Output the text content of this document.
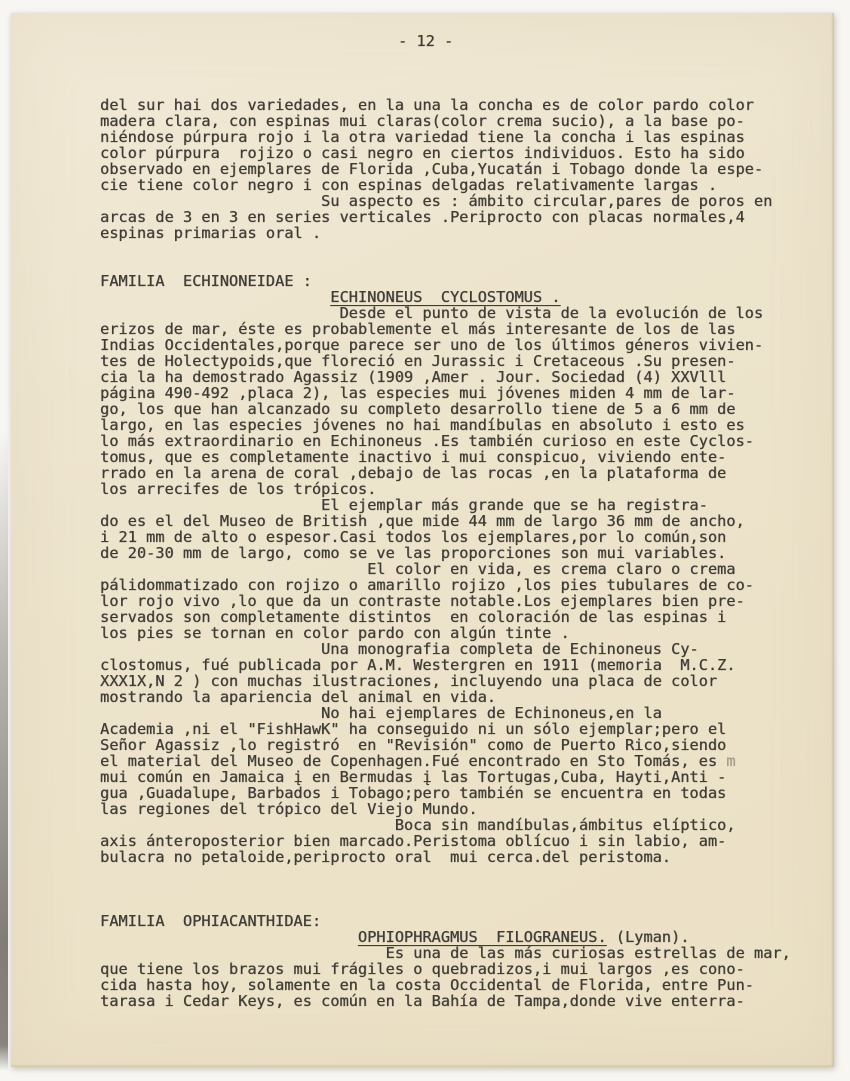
- 12 -
del sur hai dos variedades, en la una la concha es de color pardo color
madera clara, con espinas mui claras(color crema sucio), a la base po-
niéndose púrpura rojo i la otra variedad tiene la concha i las espinas
color púrpura  rojizo o casi negro en ciertos individuos. Esto ha sido
observado en ejemplares de Florida ,Cuba,Yucatán i Tobago donde la espe-
cie tiene color negro i con espinas delgadas relativamente largas .
Su aspecto es : ámbito circular,pares de poros en
arcas de 3 en 3 en series verticales .Periprocto con placas normales,4
espinas primarias oral .
FAMILIA  ECHINONEIDAE :
ECHINONEUS  CYCLOSTOMUS .
Desde el punto de vista de la evolución de los
erizos de mar, éste es probablemente el más interesante de los de las
Indias Occidentales,porque parece ser uno de los últimos géneros vivien-
tes de Holectypoids,que floreció en Jurassic i Cretaceous .Su presen-
cia la ha demostrado Agassiz (1909 ,Amer . Jour. Sociedad (4) XXVlll
página 490-492 ,placa 2), las especies mui jóvenes miden 4 mm de lar-
go, los que han alcanzado su completo desarrollo tiene de 5 a 6 mm de
largo, en las especies jóvenes no hai mandíbulas en absoluto i esto es
lo más extraordinario en Echinoneus .Es también curioso en este Cyclos-
tomus, que es completamente inactivo i mui conspicuo, viviendo ente-
rrado en la arena de coral ,debajo de las rocas ,en la plataforma de
los arrecifes de los trópicos.
El ejemplar más grande que se ha registra-
do es el del Museo de British ,que mide 44 mm de largo 36 mm de ancho,
i 21 mm de alto o espesor.Casi todos los ejemplares,por lo común,son
de 20-30 mm de largo, como se ve las proporciones son mui variables.
El color en vida, es crema claro o crema
pálidommatizado con rojizo o amarillo rojizo ,los pies tubulares de co-
lor rojo vivo ,lo que da un contraste notable.Los ejemplares bien pre-
servados son completamente distintos  en coloración de las espinas i
los pies se tornan en color pardo con algún tinte .
Una monografia completa de Echinoneus Cy-
clostomus, fué publicada por A.M. Westergren en 1911 (memoria  M.C.Z.
XXX1X,N 2 ) con muchas ilustraciones, incluyendo una placa de color
mostrando la apariencia del animal en vida.
No hai ejemplares de Echinoneus,en la
Academia ,ni el "FishHawK" ha conseguido ni un sólo ejemplar;pero el
Señor Agassiz ,lo registró  en "Revisión" como de Puerto Rico,siendo
el material del Museo de Copenhagen.Fué encontrado en Sto Tomás, es m
mui común en Jamaica į en Bermudas į las Tortugas,Cuba, Hayti,Anti -
gua ,Guadalupe, Barbados i Tobago;pero también se encuentra en todas
las regiones del trópico del Viejo Mundo.
Boca sin mandíbulas,ámbitus elíptico,
axis ánteroposterior bien marcado.Peristoma oblícuo i sin labio, am-
bulacra no petaloide,periprocto oral  mui cerca.del peristoma.
FAMILIA  OPHIACANTHIDAE:
OPHIOPHRAGMUS  FILOGRANEUS. (Lyman).
Es una de las más curiosas estrellas de mar,
que tiene los brazos mui frágiles o quebradizos,i mui largos ,es cono-
cida hasta hoy, solamente en la costa Occidental de Florida, entre Pun-
tarasa i Cedar Keys, es común en la Bahía de Tampa,donde vive enterra-
